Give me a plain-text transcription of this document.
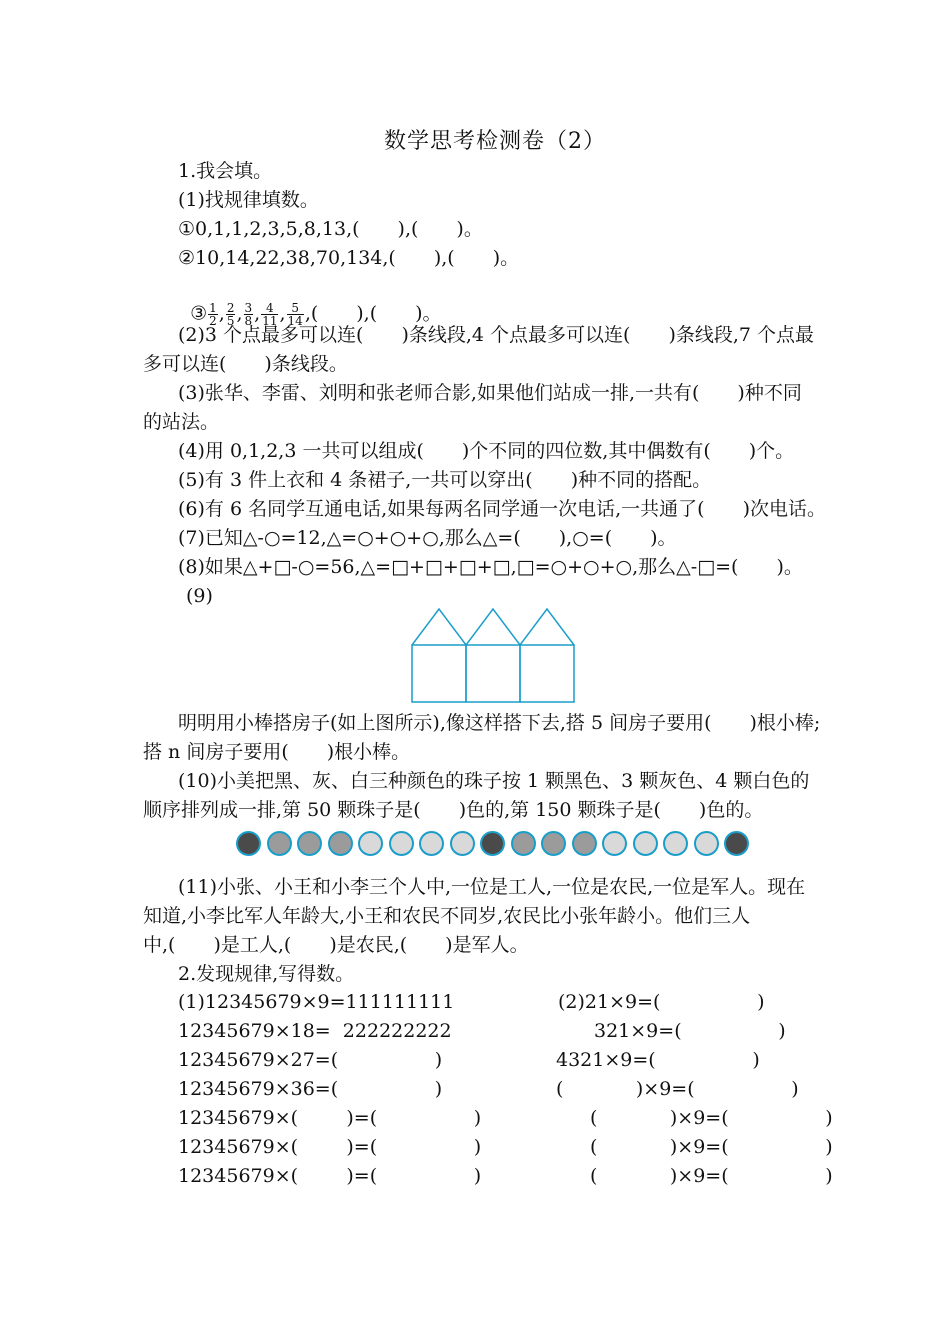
数学思考检测卷（2）
1.我会填。
(1)找规律填数。
①0,1,1,2,3,5,8,13,(　　),(　　)。
②10,14,22,38,70,134,(　　),(　　)。

③ $\frac{1}{2}$ , $\frac{2}{5}$ , $\frac{3}{8}$ , $\frac{4}{11}$ , $\frac{5}{14}$ ,(　　),(　　)。

(2)3 个点最多可以连(　　)条线段,4 个点最多可以连(　　)条线段,7 个点最
多可以连(　　)条线段。
(3)张华、李雷、刘明和张老师合影,如果他们站成一排,一共有(　　)种不同
的站法。
(4)用 0,1,2,3 一共可以组成(　　)个不同的四位数,其中偶数有(　　)个。
(5)有 3 件上衣和 4 条裙子,一共可以穿出(　　)种不同的搭配。
(6)有 6 名同学互通电话,如果每两名同学通一次电话,一共通了(　　)次电话。
(7)已知△-○=12,△=○+○+○,那么△=(　　),○=(　　)。
(8)如果△+□-○=56,△=□+□+□+□,□=○+○+○,那么△-□=(　　)。
(9)
明明用小棒搭房子(如上图所示),像这样搭下去,搭 5 间房子要用(　　)根小棒;
搭 n 间房子要用(　　)根小棒。
(10)小美把黑、灰、白三种颜色的珠子按 1 颗黑色、3 颗灰色、4 颗白色的
顺序排列成一排,第 50 颗珠子是(　　)色的,第 150 颗珠子是(　　)色的。
(11)小张、小王和小李三个人中,一位是工人,一位是农民,一位是军人。现在
知道,小李比军人年龄大,小王和农民不同岁,农民比小张年龄小。他们三人
中,(　　)是工人,(　　)是农民,(　　)是军人。
2.发现规律,写得数。
(1)12345679×9=111111111
12345679×18=  222222222
12345679×27=(                )
12345679×36=(                )
12345679×(        )=(                )
12345679×(        )=(                )
12345679×(        )=(                )
(2)21×9=(                )
321×9=(                )
4321×9=(                )
(            )×9=(                )
(            )×9=(                )
(            )×9=(                )
(            )×9=(                )
